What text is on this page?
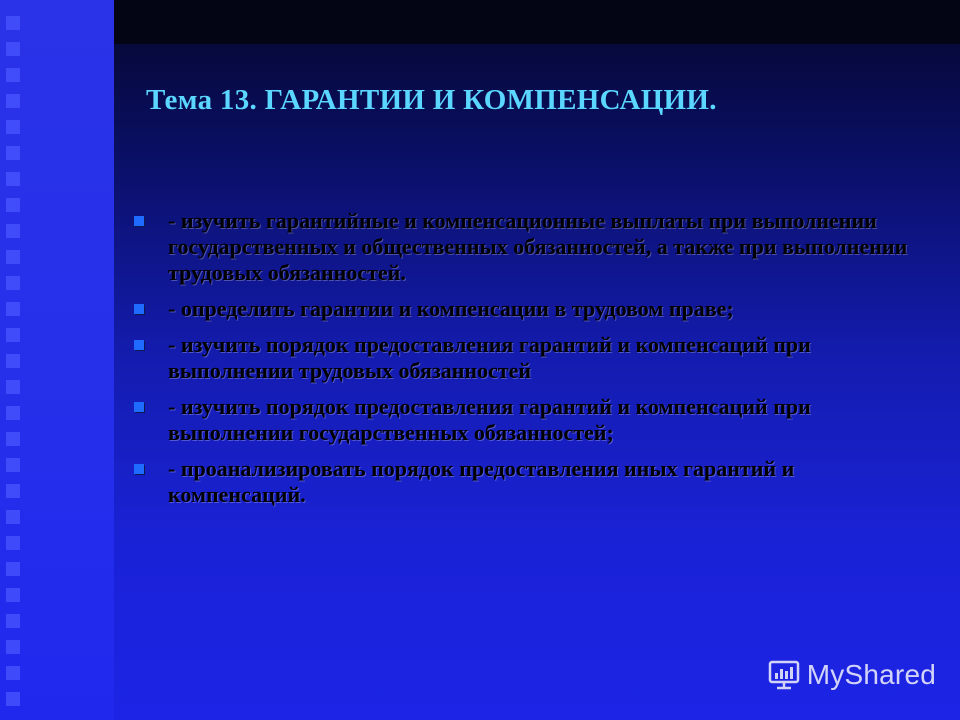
Тема 13. ГАРАНТИИ И КОМПЕНСАЦИИ.
- изучить гарантийные и компенсационные выплаты при выполнении государственных и общественных обязанностей, а также при выполнении трудовых обязанностей.
- определить гарантии и компенсации в трудовом праве;
- изучить порядок предоставления гарантий и компенсаций при выполнении трудовых обязанностей
- изучить порядок предоставления гарантий и компенсаций при выполнении государственных обязанностей;
- проанализировать порядок предоставления иных гарантий и компенсаций.
MyShared
